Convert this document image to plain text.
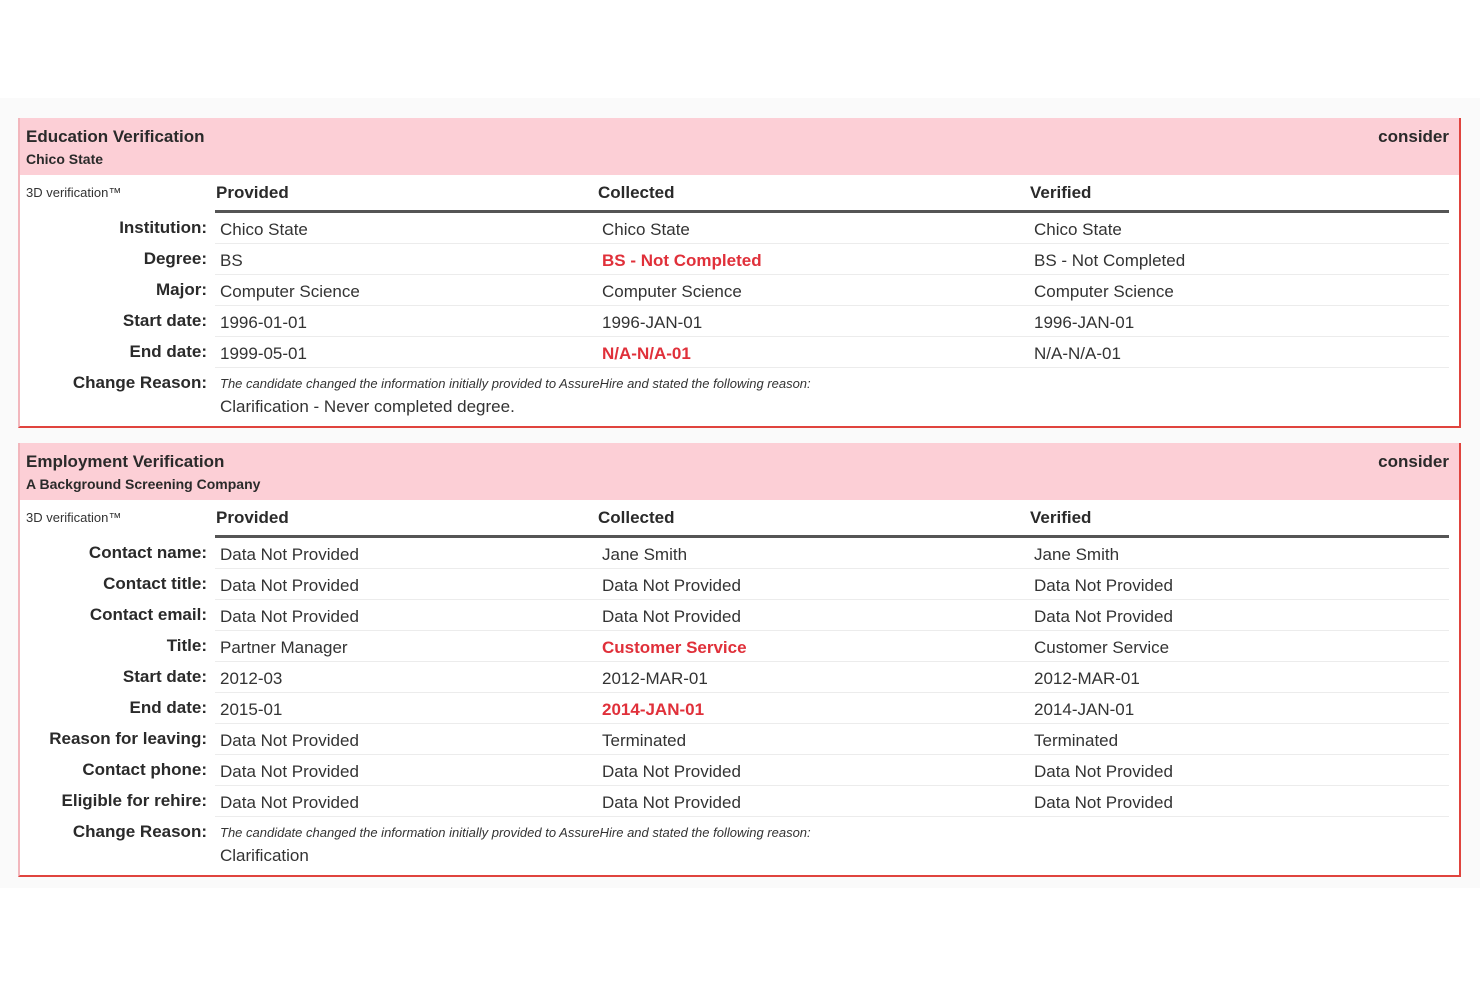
Education Verification
Chico State
consider
3D verification™	Provided	Collected	Verified
Institution: Chico State	Chico State	Chico State
Degree: BS	BS - Not Completed	BS - Not Completed
Major: Computer Science	Computer Science	Computer Science
Start date: 1996-01-01	1996-JAN-01	1996-JAN-01
End date: 1999-05-01	N/A-N/A-01	N/A-N/A-01
Change Reason: The candidate changed the information initially provided to AssureHire and stated the following reason:
Clarification - Never completed degree.
Employment Verification
A Background Screening Company
consider
3D verification™	Provided	Collected	Verified
Contact name: Data Not Provided	Jane Smith	Jane Smith
Contact title: Data Not Provided	Data Not Provided	Data Not Provided
Contact email: Data Not Provided	Data Not Provided	Data Not Provided
Title: Partner Manager	Customer Service	Customer Service
Start date: 2012-03	2012-MAR-01	2012-MAR-01
End date: 2015-01	2014-JAN-01	2014-JAN-01
Reason for leaving: Data Not Provided	Terminated	Terminated
Contact phone: Data Not Provided	Data Not Provided	Data Not Provided
Eligible for rehire: Data Not Provided	Data Not Provided	Data Not Provided
Change Reason: The candidate changed the information initially provided to AssureHire and stated the following reason:
Clarification
